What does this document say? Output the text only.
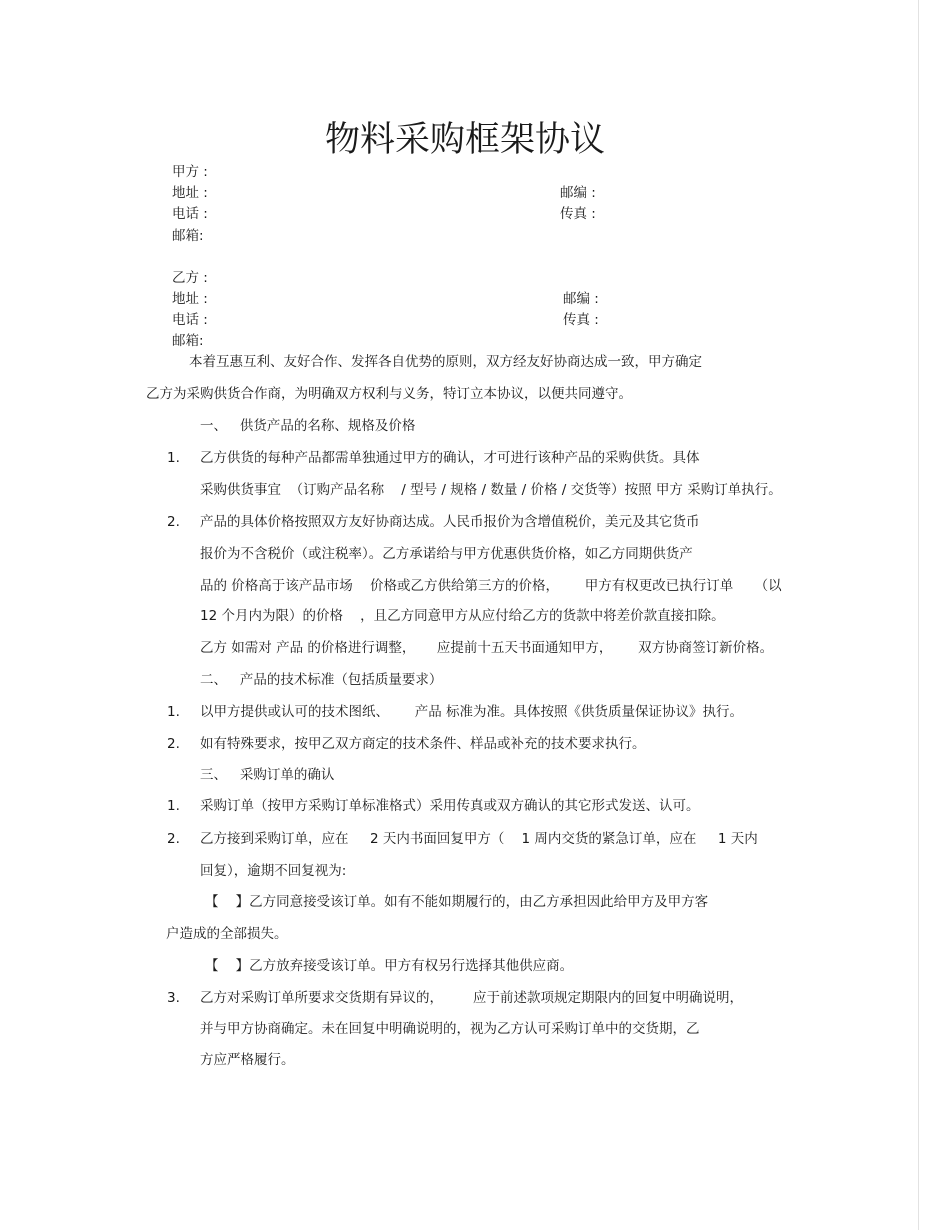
物料采购框架协议
甲方 :
地址 :	邮编 :
电话 :	传真 :
邮箱:
乙方 :
地址 :	邮编 :
电话 :	传真 :
邮箱:
本着互惠互利、友好合作、发挥各自优势的原则，双方经友好协商达成一致，甲方确定
乙方为采购供货合作商，为明确双方权利与义务，特订立本协议，以便共同遵守。
一、   供货产品的名称、规格及价格
1. 乙方供货的每种产品都需单独通过甲方的确认，才可进行该种产品的采购供货。具体
采购供货事宜  （订购产品名称    / 型号 / 规格 / 数量 / 价格 / 交货等）按照 甲方 采购订单执行。
2. 产品的具体价格按照双方友好协商达成。人民币报价为含增值税价，美元及其它货币
报价为不含税价（或注税率）。乙方承诺给与甲方优惠供货价格，如乙方同期供货产
品的 价格高于该产品市场    价格或乙方供给第三方的价格，      甲方有权更改已执行订单     （以
12 个月内为限）的价格    ，且乙方同意甲方从应付给乙方的货款中将差价款直接扣除。
乙方 如需对 产品 的价格进行调整，     应提前十五天书面通知甲方，      双方协商签订新价格。
二、   产品的技术标准（包括质量要求）
1. 以甲方提供或认可的技术图纸、      产品 标准为准。具体按照《供货质量保证协议》执行。
2. 如有特殊要求，按甲乙双方商定的技术条件、样品或补充的技术要求执行。
三、   采购订单的确认
1. 采购订单（按甲方采购订单标准格式）采用传真或双方确认的其它形式发送、认可。
2. 乙方接到采购订单，应在     2 天内书面回复甲方（    1 周内交货的紧急订单，应在     1 天内
回复），逾期不回复视为:
【    】乙方同意接受该订单。如有不能如期履行的，由乙方承担因此给甲方及甲方客
户造成的全部损失。
【    】乙方放弃接受该订单。甲方有权另行选择其他供应商。
3. 乙方对采购订单所要求交货期有异议的，       应于前述款项规定期限内的回复中明确说明，
并与甲方协商确定。未在回复中明确说明的，视为乙方认可采购订单中的交货期，乙
方应严格履行。
